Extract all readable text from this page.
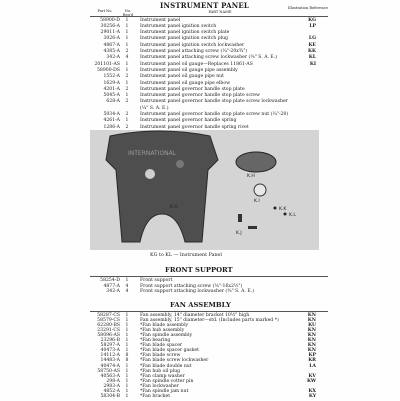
INSTRUMENT PANEL
Part No.	No. Req'd
PART NAME
Illustration Reference
58900-D	1	Instrument panel	KG
30256-A	1	Instrument panel ignition switch	LP
29011-A	1	Instrument panel ignition switch plate
3026-A	1	Instrument panel ignition switch plug	LG
4867-A	1	Instrument panel ignition switch lockwasher	KE
4385-A	2	Instrument panel attaching screw (¼"-20x¾")	KK
342-A	4	Instrument panel attaching screw lockwasher (¼" S. A. E.)	KL
201101-AS	1	Instrument panel oil gauge—Replaces 11861-AS	KI
58900-DS	1	Instrument panel oil gauge pipe assembly
1552-A	2	Instrument panel oil gauge pipe nut
1629-A	1	Instrument panel oil gauge pipe elbow
4201-A	2	Instrument panel governor handle stop plate
5045-A	1	Instrument panel governor handle stop plate screw
628-A	2	Instrument panel governor handle stop plate screw lockwasher
(¼" S. A. E.)
5034-A	2	Instrument panel governor handle stop plate screw nut (¼"-28)
4261-A	1	Instrument panel governor handle spring
1286-A	2	Instrument panel governor handle spring rivet
INTERNATIONAL
K.G
K.H
K.I
K.J
K.K
K.L
KG to KL — Instrument Panel
FRONT SUPPORT
58254-D	1	Front support
4877-A	4	Front support attaching screw (⅜"-16x2½")
342-A	4	Front support attaching lockwasher (⅜" S. A. E.)
FAN ASSEMBLY
58287-CS	1	Fan assembly, 14" diameter bracket 10½" high	KN
58579-CS	1	Fan assembly, 15" diameter—std. (Includes parts marked *)	KN
62280-BS	1	*Fan blade assembly	KU
23291-CS	1	*Fan hub assembly	KN
58096-AS	1	*Fan spindle assembly	KN
23296-B	1	*Fan bearing	KN
58297-A	1	*Fan blade spacer	KN
40473-A	1	*Fan blade spacer gasket	KN
14112-A	8	*Fan blade screw	KP
14483-A	8	*Fan blade screw lockwasher	KR
40474-A	1	*Fan blade double nut	LA
58750-AS	1	*Fan hub oil plug
40563-A	1	*Fan clamp washer	KV
298-A	1	*Fan spindle cotter pin	KW
2983-A	1	*Fan lockwasher
4852-A	1	*Fan spindle jam nut	KX
58304-B	1	*Fan bracket	KY
